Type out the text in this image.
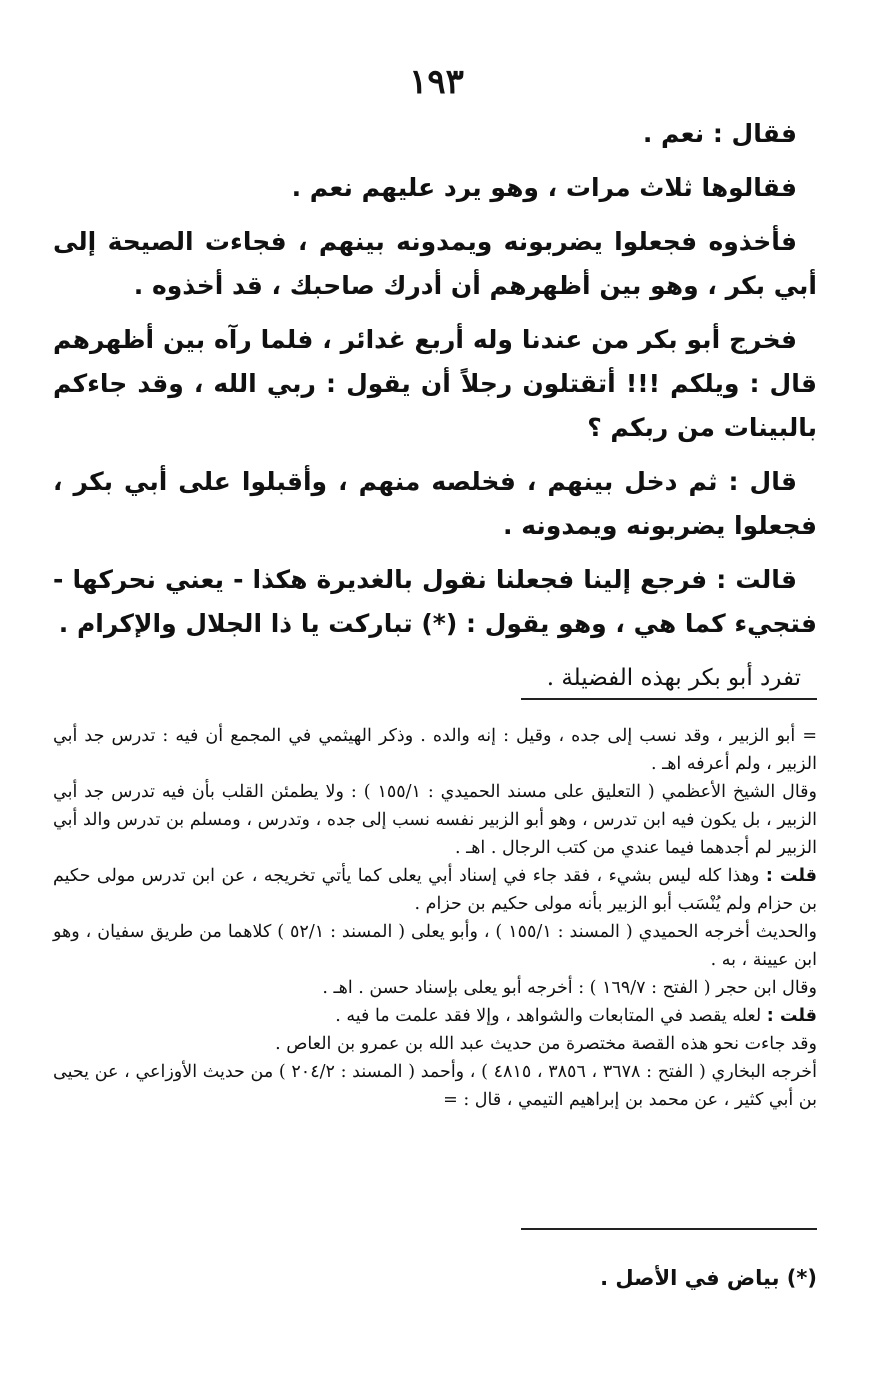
١٩٣

فقال : نعم .

فقالوها ثلاث مرات ، وهو يرد عليهم نعم .

فأخذوه فجعلوا يضربونه ويمدونه بينهم ، فجاءت الصيحة إلى أبي بكر ، وهو بين أظهرهم أن أدرك صاحبك ، قد أخذوه .

فخرج أبو بكر من عندنا وله أربع غدائر ، فلما رآه بين أظهرهم قال : ويلكم !!! أتقتلون رجلاً أن يقول : ربي الله ، وقد جاءكم بالبينات من ربكم ؟

قال : ثم دخل بينهم ، فخلصه منهم ، وأقبلوا على أبي بكر ، فجعلوا يضربونه ويمدونه .

قالت : فرجع إلينا فجعلنا نقول بالغديرة هكذا - يعني نحركها - فتجيء كما هي ، وهو يقول : (*) تباركت يا ذا الجلال والإكرام .

تفرد أبو بكر بهذه الفضيلة .

= أبو الزبير ، وقد نسب إلى جده ، وقيل : إنه والده . وذكر الهيثمي في المجمع أن فيه : تدرس جد أبي الزبير ، ولم أعرفه اهـ .

وقال الشيخ الأعظمي ( التعليق على مسند الحميدي : ١٥٥/١ ) : ولا يطمئن القلب بأن فيه تدرس جد أبي الزبير ، بل يكون فيه ابن تدرس ، وهو أبو الزبير نفسه نسب إلى جده ، وتدرس ، ومسلم بن تدرس والد أبي الزبير لم أجدهما فيما عندي من كتب الرجال . اهـ .

قلت : وهذا كله ليس بشيء ، فقد جاء في إسناد أبي يعلى كما يأتي تخريجه ، عن ابن تدرس مولى حكيم بن حزام ولم يُنْسَب أبو الزبير بأنه مولى حكيم بن حزام .

والحديث أخرجه الحميدي ( المسند : ١٥٥/١ ) ، وأبو يعلى ( المسند : ٥٢/١ ) كلاهما من طريق سفيان ، وهو ابن عيينة ، به .

وقال ابن حجر ( الفتح : ١٦٩/٧ ) : أخرجه أبو يعلى بإسناد حسن . اهـ .

قلت : لعله يقصد في المتابعات والشواهد ، وإلا فقد علمت ما فيه .

وقد جاءت نحو هذه القصة مختصرة من حديث عبد الله بن عمرو بن العاص .

أخرجه البخاري ( الفتح : ٣٦٧٨ ، ٣٨٥٦ ، ٤٨١٥ ) ، وأحمد ( المسند : ٢٠٤/٢ ) من حديث الأوزاعي ، عن يحيى بن أبي كثير ، عن محمد بن إبراهيم التيمي ، قال : =

(*) بياض في الأصل .
